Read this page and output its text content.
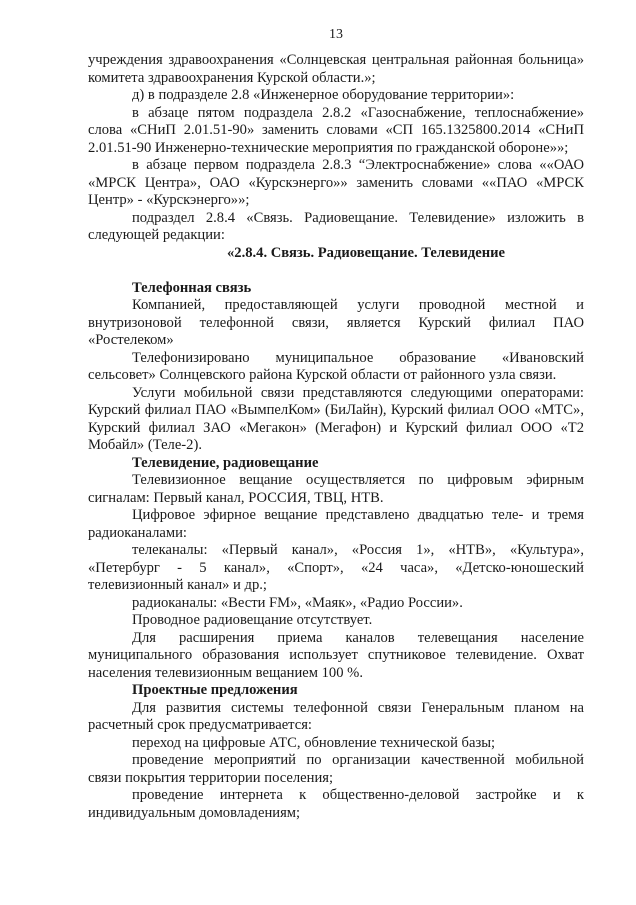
13

учреждения здравоохранения «Солнцевская центральная районная больница» комитета здравоохранения Курской области.»;

д) в подразделе 2.8 «Инженерное оборудование территории»:

в абзаце пятом подраздела 2.8.2 «Газоснабжение, теплоснабжение» слова «СНиП 2.01.51-90» заменить словами «СП 165.1325800.2014 «СНиП 2.01.51-90 Инженерно-технические мероприятия по гражданской обороне»»;

в абзаце первом подраздела 2.8.3 “Электроснабжение» слова ««ОАО «МРСК Центра», ОАО «Курскэнерго»» заменить словами ««ПАО «МРСК Центр» - «Курскэнерго»»;

подраздел 2.8.4 «Связь. Радиовещание. Телевидение» изложить в следующей редакции:

«2.8.4. Связь. Радиовещание. Телевидение

Телефонная связь

Компанией, предоставляющей услуги проводной местной и внутризоновой телефонной связи, является Курский филиал ПАО «Ростелеком»

Телефонизировано муниципальное образование «Ивановский сельсовет» Солнцевского района Курской области от районного узла связи.

Услуги мобильной связи представляются следующими операторами: Курский филиал ПАО «ВымпелКом» (БиЛайн), Курский филиал ООО «МТС», Курский филиал ЗАО «Мегакон» (Мегафон) и Курский филиал ООО «Т2 Мобайл» (Теле-2).

Телевидение, радиовещание

Телевизионное вещание осуществляется по цифровым эфирным сигналам: Первый канал, РОССИЯ, ТВЦ, НТВ.

Цифровое эфирное вещание представлено двадцатью теле- и тремя радиоканалами:

телеканалы: «Первый канал», «Россия 1», «НТВ», «Культура», «Петербург - 5 канал», «Спорт», «24 часа», «Детско-юношеский телевизионный канал» и др.;

радиоканалы: «Вести FM», «Маяк», «Радио России».

Проводное радиовещание отсутствует.

Для расширения приема каналов телевещания население муниципального образования использует спутниковое телевидение. Охват населения телевизионным вещанием 100 %.

Проектные предложения

Для развития системы телефонной связи Генеральным планом на расчетный срок предусматривается:

переход на цифровые АТС, обновление технической базы;

проведение мероприятий по организации качественной мобильной связи покрытия территории поселения;

проведение интернета к общественно-деловой застройке и к индивидуальным домовладениям;
